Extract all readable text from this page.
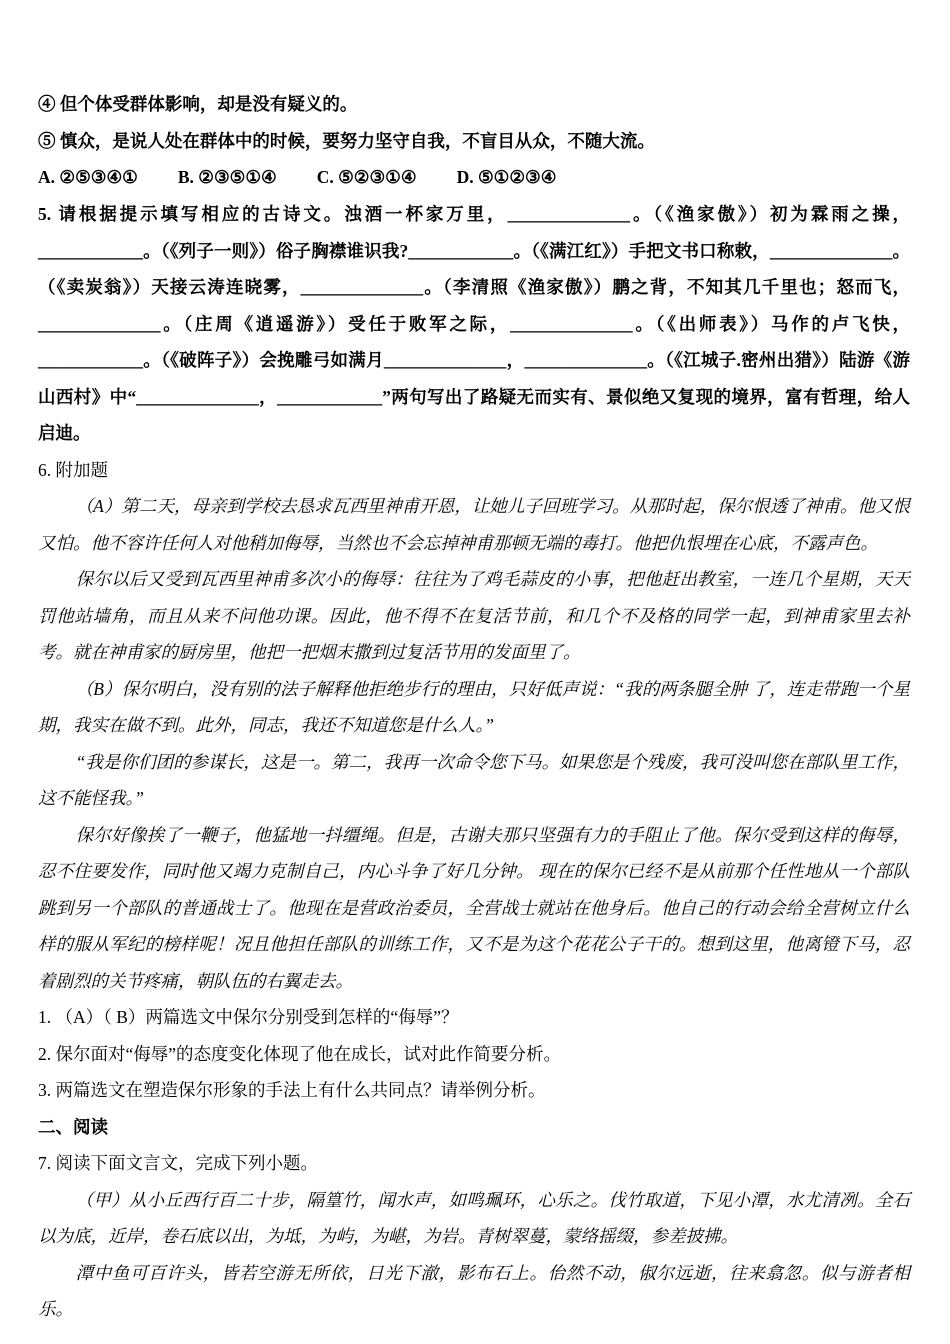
④ 但个体受群体影响，却是没有疑义的。

⑤ 慎众，是说人处在群体中的时候，要努力坚守自我，不盲目从众，不随大流。

A. ②⑤③④① B. ②③⑤①④ C. ⑤②③①④ D. ⑤①②③④

5. 请根据提示填写相应的古诗文。浊酒一杯家万里，______________。（《渔家傲》）初为霖雨之操，____________。（《列子一则》）俗子胸襟谁识我?____________。（《满江红》）手把文书口称敕，______________。（《卖炭翁》）天接云涛连晓雾，______________。（李清照《渔家傲》）鹏之背，不知其几千里也；怒而飞，______________。（庄周《逍遥游》）受任于败军之际，______________。（《出师表》）马作的卢飞快，____________。（《破阵子》）会挽雕弓如满月______________，______________。（《江城子.密州出猎》）陆游《游山西村》中“______________，____________”两句写出了路疑无而实有、景似绝又复现的境界，富有哲理，给人启迪。

6. 附加题

（A）第二天，母亲到学校去恳求瓦西里神甫开恩，让她儿子回班学习。从那时起，保尔恨透了神甫。他又恨又怕。他不容许任何人对他稍加侮辱，当然也不会忘掉神甫那顿无端的毒打。他把仇恨埋在心底，不露声色。

保尔以后又受到瓦西里神甫多次小的侮辱：往往为了鸡毛蒜皮的小事，把他赶出教室，一连几个星期，天天罚他站墙角，而且从来不问他功课。因此，他不得不在复活节前，和几个不及格的同学一起，到神甫家里去补考。就在神甫家的厨房里，他把一把烟末撒到过复活节用的发面里了。

（B）保尔明白，没有别的法子解释他拒绝步行的理由，只好低声说：“我的两条腿全肿 了，连走带跑一个星期，我实在做不到。此外，同志，我还不知道您是什么人。”

“我是你们团的参谋长，这是一。第二，我再一次命令您下马。如果您是个残废，我可没叫您在部队里工作，这不能怪我。”

保尔好像挨了一鞭子，他猛地一抖缰绳。但是，古谢夫那只坚强有力的手阻止了他。保尔受到这样的侮辱，忍不住要发作，同时他又竭力克制自己，内心斗争了好几分钟。 现在的保尔已经不是从前那个任性地从一个部队跳到另一个部队的普通战士了。他现在是营政治委员，全营战士就站在他身后。他自己的行动会给全营树立什么样的服从军纪的榜样呢！况且他担任部队的训练工作，又不是为这个花花公子干的。想到这里，他离镫下马，忍着剧烈的关节疼痛，朝队伍的右翼走去。

1. （A）（ B）两篇选文中保尔分别受到怎样的“侮辱”？

2. 保尔面对“侮辱”的态度变化体现了他在成长，试对此作简要分析。

3. 两篇选文在塑造保尔形象的手法上有什么共同点？请举例分析。

二、阅读

7. 阅读下面文言文，完成下列小题。

（甲）从小丘西行百二十步，隔篁竹，闻水声，如鸣珮环，心乐之。伐竹取道，下见小潭，水尤清冽。全石以为底，近岸，卷石底以出，为坻，为屿，为嵁，为岩。青树翠蔓，蒙络摇缀，参差披拂。

潭中鱼可百许头，皆若空游无所依，日光下澈，影布石上。佁然不动，俶尔远逝，往来翕忽。似与游者相乐。
